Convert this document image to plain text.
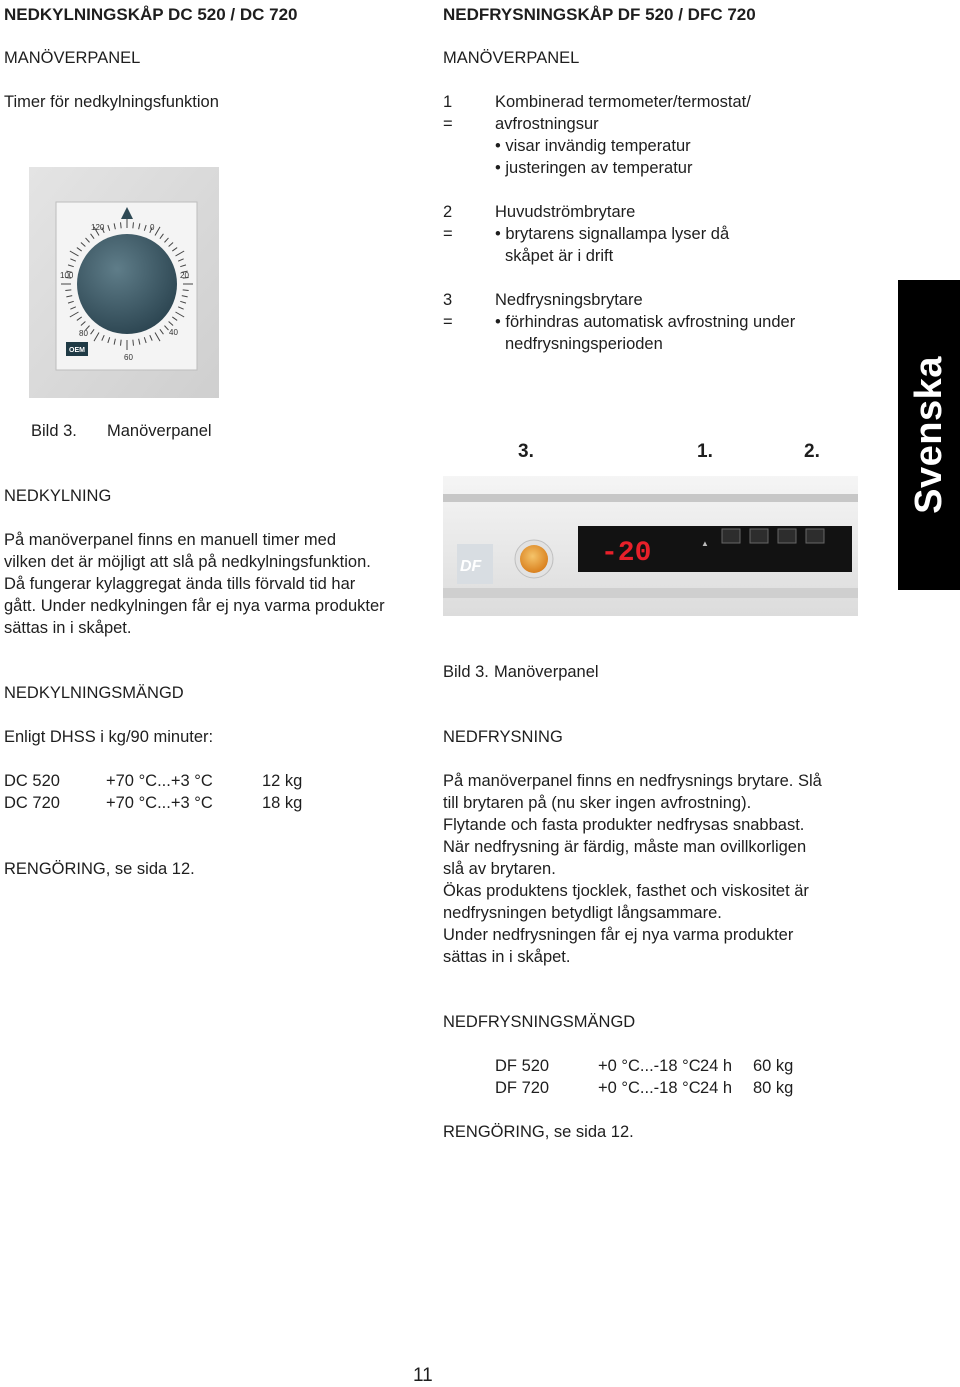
NEDKYLNINGSKÅP DC 520 / DC 720
MANÖVERPANEL
Timer för nedkylningsfunktion
120	0
100	20
80	40
60
OEM
Bild 3. Manöverpanel
NEDKYLNING
På manöverpanel finns en manuell timer med
vilken det är möjligt att slå på nedkylningsfunktion.
Då fungerar kylaggregat ända tills förvald tid har
gått. Under nedkylningen får ej nya varma produkter
sättas in i skåpet.
NEDKYLNINGSMÄNGD
Enligt DHSS i kg/90 minuter:
DC 520	+70 °C...+3 °C	12 kg
DC 720	+70 °C...+3 °C	18 kg
RENGÖRING, se sida 12.
NEDFRYSNINGSKÅP DF 520 / DFC 720
MANÖVERPANEL
1 =
Kombinerad termometer/termostat/
avfrostningsur
• visar invändig temperatur
• justeringen av temperatur
2 =
Huvudströmbrytare
• brytarens signallampa lyser då
skåpet är i drift
3 =
Nedfrysningsbrytare
• förhindras automatisk avfrostning under
nedfrysningsperioden
3.	1.	2.
DF	-20	▲
Bild 3. Manöverpanel
NEDFRYSNING
På manöverpanel finns en nedfrysnings brytare. Slå
till brytaren på (nu sker ingen avfrostning).
Flytande och fasta produkter nedfrysas snabbast.
När nedfrysning är färdig, måste man ovillkorligen
slå av brytaren.
Ökas produktens tjocklek, fasthet och viskositet är
nedfrysningen betydligt långsammare.
Under nedfrysningen får ej nya varma produkter
sättas in i skåpet.
NEDFRYSNINGSMÄNGD
DF 520	+0 °C...-18 °C 24 h 60 kg
DF 720	+0 °C...-18 °C 24 h 80 kg
RENGÖRING, se sida 12.
Svenska
11
